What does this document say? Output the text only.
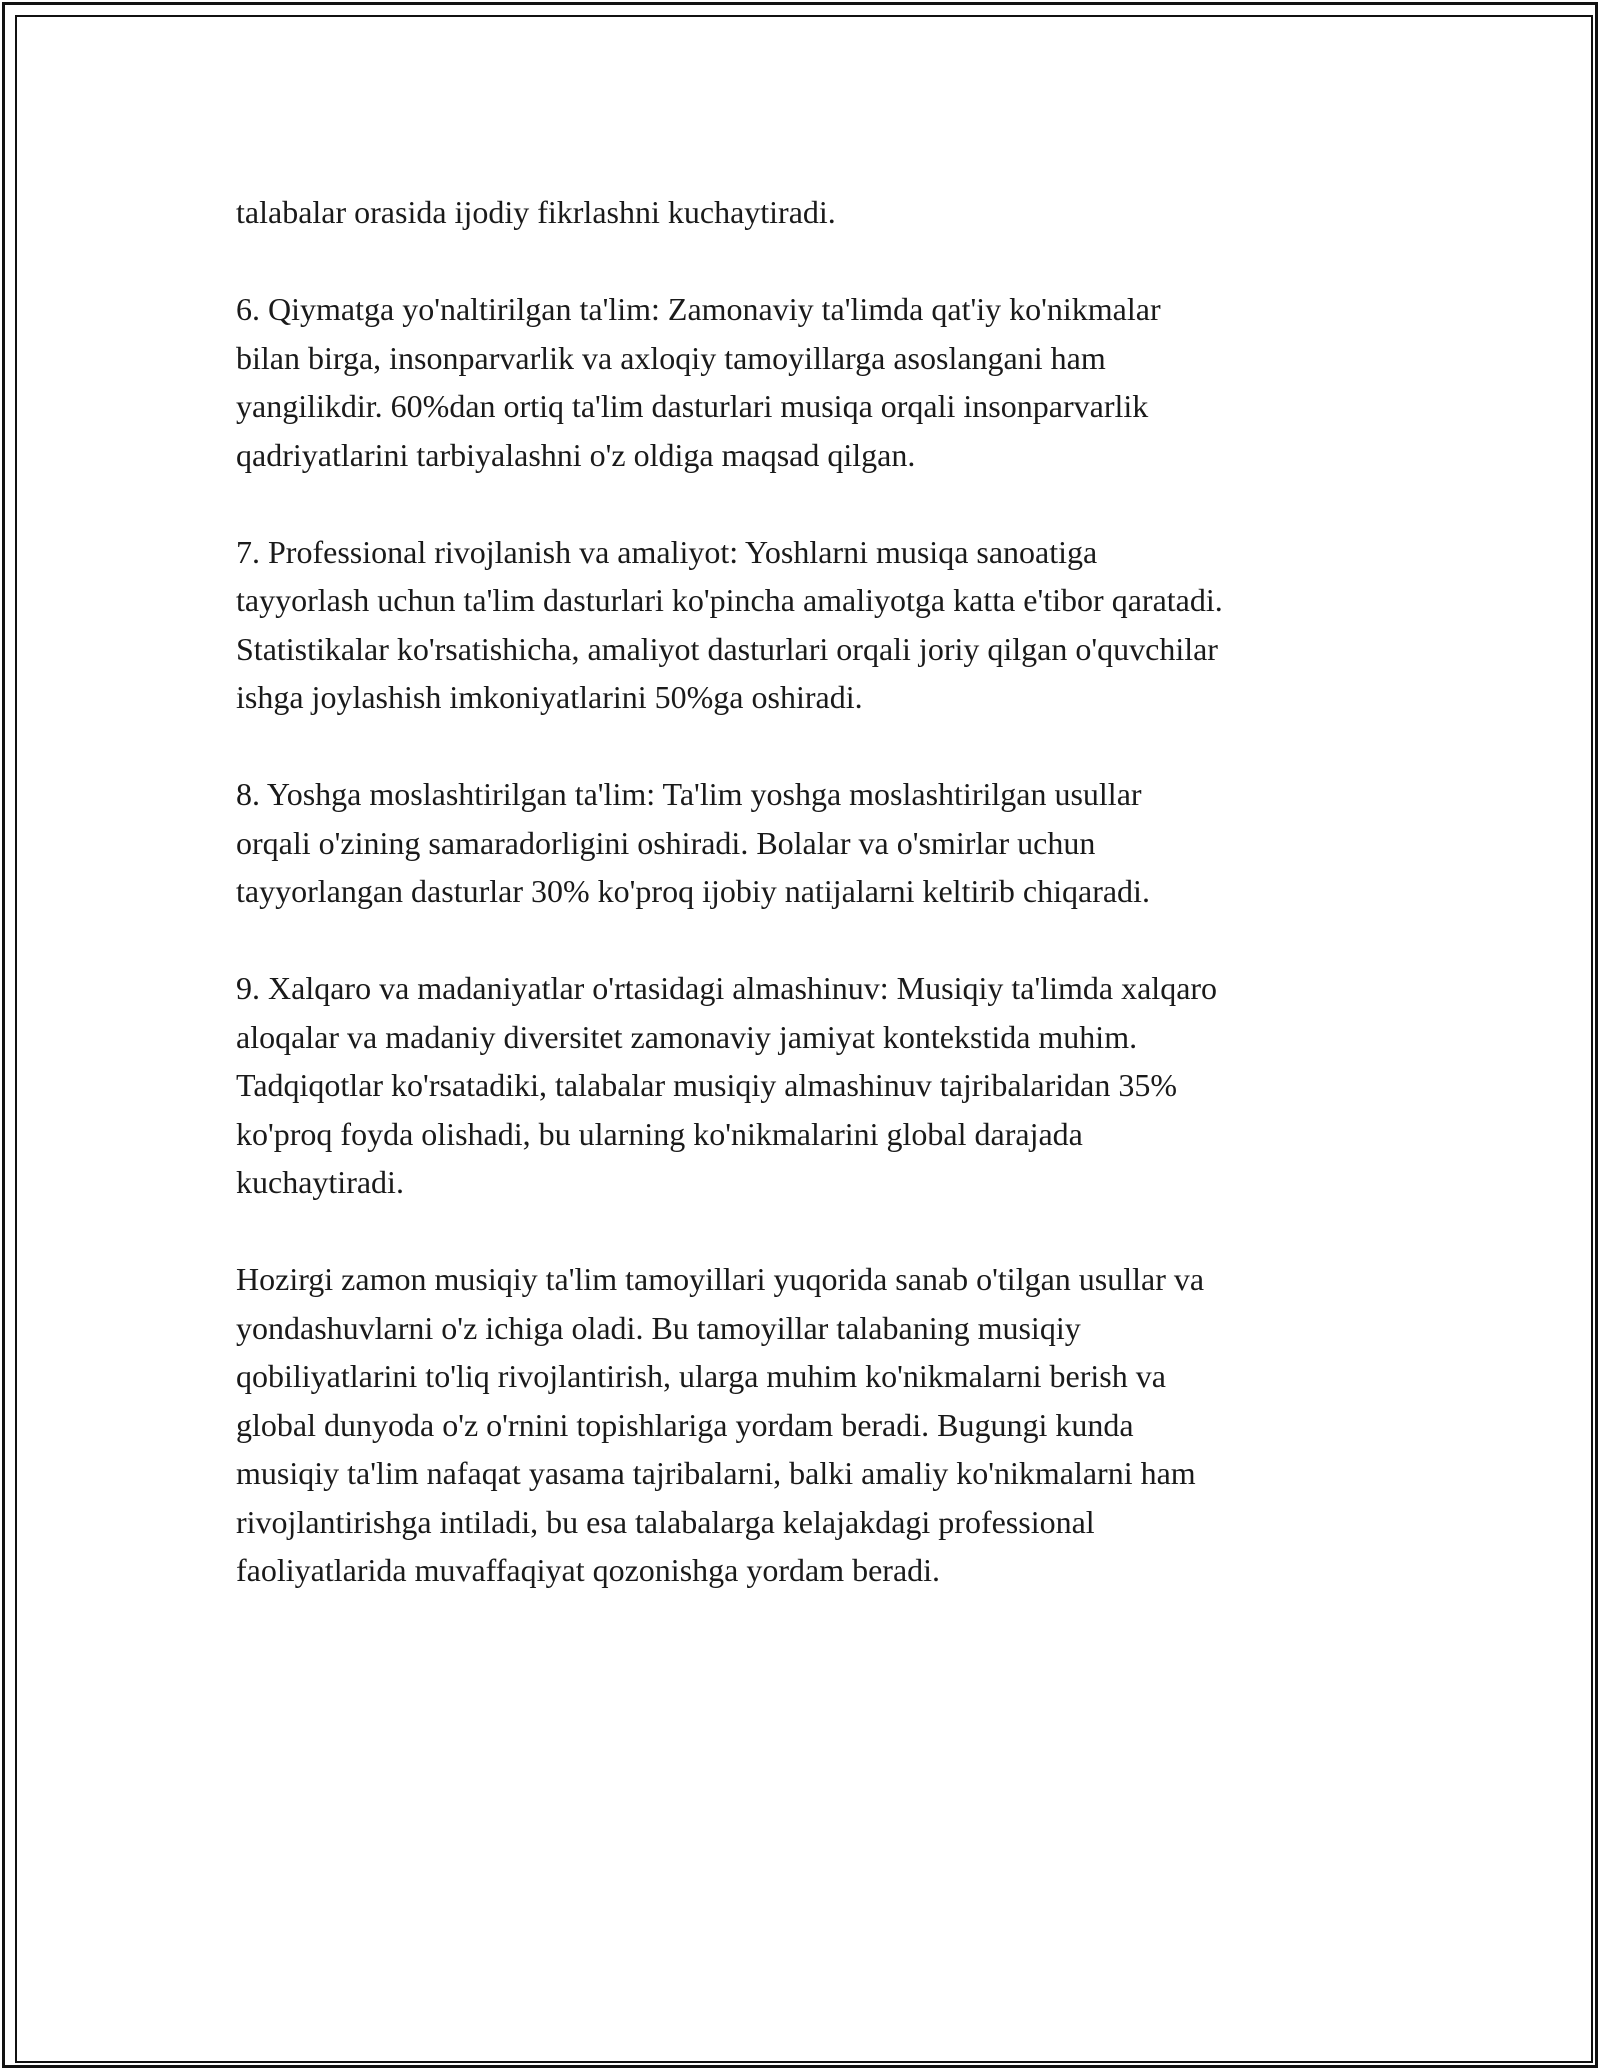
talabalar orasida ijodiy fikrlashni kuchaytiradi.

6. Qiymatga yo'naltirilgan ta'lim: Zamonaviy ta'limda qat'iy ko'nikmalar
bilan birga, insonparvarlik va axloqiy tamoyillarga asoslangani ham
yangilikdir. 60%dan ortiq ta'lim dasturlari musiqa orqali insonparvarlik
qadriyatlarini tarbiyalashni o'z oldiga maqsad qilgan.

7. Professional rivojlanish va amaliyot: Yoshlarni musiqa sanoatiga
tayyorlash uchun ta'lim dasturlari ko'pincha amaliyotga katta e'tibor qaratadi.
Statistikalar ko'rsatishicha, amaliyot dasturlari orqali joriy qilgan o'quvchilar
ishga joylashish imkoniyatlarini 50%ga oshiradi.

8. Yoshga moslashtirilgan ta'lim: Ta'lim yoshga moslashtirilgan usullar
orqali o'zining samaradorligini oshiradi. Bolalar va o'smirlar uchun
tayyorlangan dasturlar 30% ko'proq ijobiy natijalarni keltirib chiqaradi.

9. Xalqaro va madaniyatlar o'rtasidagi almashinuv: Musiqiy ta'limda xalqaro
aloqalar va madaniy diversitet zamonaviy jamiyat kontekstida muhim.
Tadqiqotlar ko'rsatadiki, talabalar musiqiy almashinuv tajribalaridan 35%
ko'proq foyda olishadi, bu ularning ko'nikmalarini global darajada
kuchaytiradi.

Hozirgi zamon musiqiy ta'lim tamoyillari yuqorida sanab o'tilgan usullar va
yondashuvlarni o'z ichiga oladi. Bu tamoyillar talabaning musiqiy
qobiliyatlarini to'liq rivojlantirish, ularga muhim ko'nikmalarni berish va
global dunyoda o'z o'rnini topishlariga yordam beradi. Bugungi kunda
musiqiy ta'lim nafaqat yasama tajribalarni, balki amaliy ko'nikmalarni ham
rivojlantirishga intiladi, bu esa talabalarga kelajakdagi professional
faoliyatlarida muvaffaqiyat qozonishga yordam beradi.
